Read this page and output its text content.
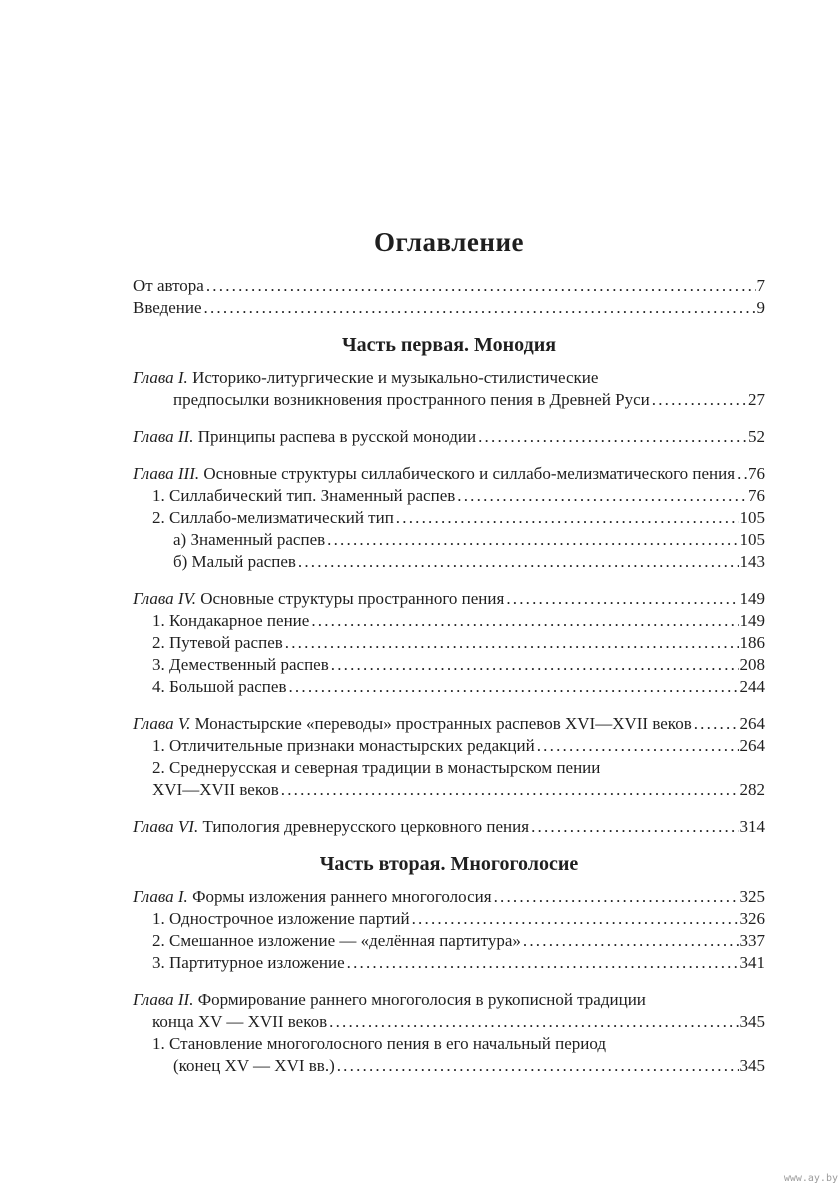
Оглавление
От автора .....	7
Введение .....	9
Часть первая. Монодия
Глава I. Историко-литургические и музыкально-стилистические
предпосылки возникновения пространного пения в Древней Руси .....	27
Глава II. Принципы распева в русской монодии .....	52
Глава III. Основные структуры силлабического и силлабо-мелизматического пения ..... 76
1. Силлабический тип. Знаменный распев .....	76
2. Силлабо-мелизматический тип .....	105
а) Знаменный распев .....	105
б) Малый распев .....	143
Глава IV. Основные структуры пространного пения .....	149
1. Кондакарное пение .....	149
2. Путевой распев .....	186
3. Демественный распев .....	208
4. Большой распев .....	244
Глава V. Монастырские «переводы» пространных распевов XVI—XVII веков .....	264
1. Отличительные признаки монастырских редакций .....	264
2. Среднерусская и северная традиции в монастырском пении
XVI—XVII веков .....	282
Глава VI. Типология древнерусского церковного пения .....	314
Часть вторая. Многоголосие
Глава I. Формы изложения раннего многоголосия .....	325
1. Однострочное изложение партий .....	326
2. Смешанное изложение — «делённая партитура» .....	337
3. Партитурное изложение .....	341
Глава II. Формирование раннего многоголосия в рукописной традиции
конца XV — XVII веков .....	345
1. Становление многоголосного пения в его начальный период
(конец XV — XVI вв.) .....	345
www.ay.by
